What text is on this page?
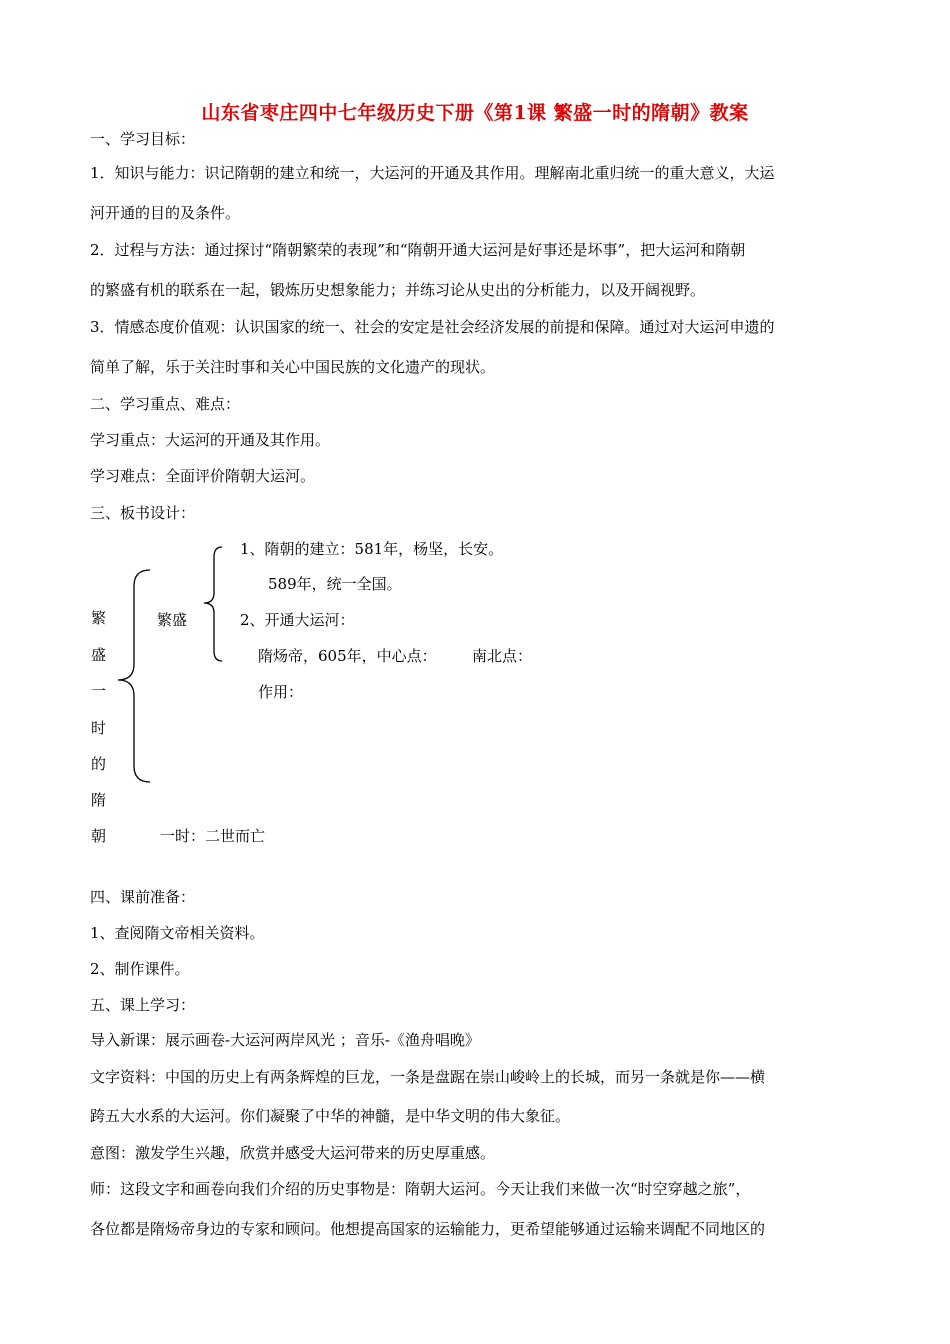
山东省枣庄四中七年级历史下册《第1课 繁盛一时的隋朝》教案
一、学习目标：
1．知识与能力：识记隋朝的建立和统一，大运河的开通及其作用。理解南北重归统一的重大意义，大运
河开通的目的及条件。
2．过程与方法：通过探讨“隋朝繁荣的表现”和“隋朝开通大运河是好事还是坏事”，把大运河和隋朝
的繁盛有机的联系在一起，锻炼历史想象能力；并练习论从史出的分析能力，以及开阔视野。
3．情感态度价值观：认识国家的统一、社会的安定是社会经济发展的前提和保障。通过对大运河申遗的
简单了解，乐于关注时事和关心中国民族的文化遗产的现状。
二、学习重点、难点：
学习重点：大运河的开通及其作用。
学习难点：全面评价隋朝大运河。
三、板书设计：
繁
盛
一
时
的
隋
朝
繁盛
1、隋朝的建立：581年，杨坚，长安。
589年，统一全国。
2、开通大运河：
隋炀帝，605年，中心点： 南北点：
作用：
一时：二世而亡
四、课前准备：
1、查阅隋文帝相关资料。
2、制作课件。
五、课上学习：
导入新课：展示画卷-大运河两岸风光 ；音乐-《渔舟唱晚》
文字资料：中国的历史上有两条辉煌的巨龙，一条是盘踞在崇山峻岭上的长城，而另一条就是你——横
跨五大水系的大运河。你们凝聚了中华的神髓，是中华文明的伟大象征。
意图：激发学生兴趣，欣赏并感受大运河带来的历史厚重感。
师：这段文字和画卷向我们介绍的历史事物是：隋朝大运河。今天让我们来做一次“时空穿越之旅”，
各位都是隋炀帝身边的专家和顾问。他想提高国家的运输能力，更希望能够通过运输来调配不同地区的
